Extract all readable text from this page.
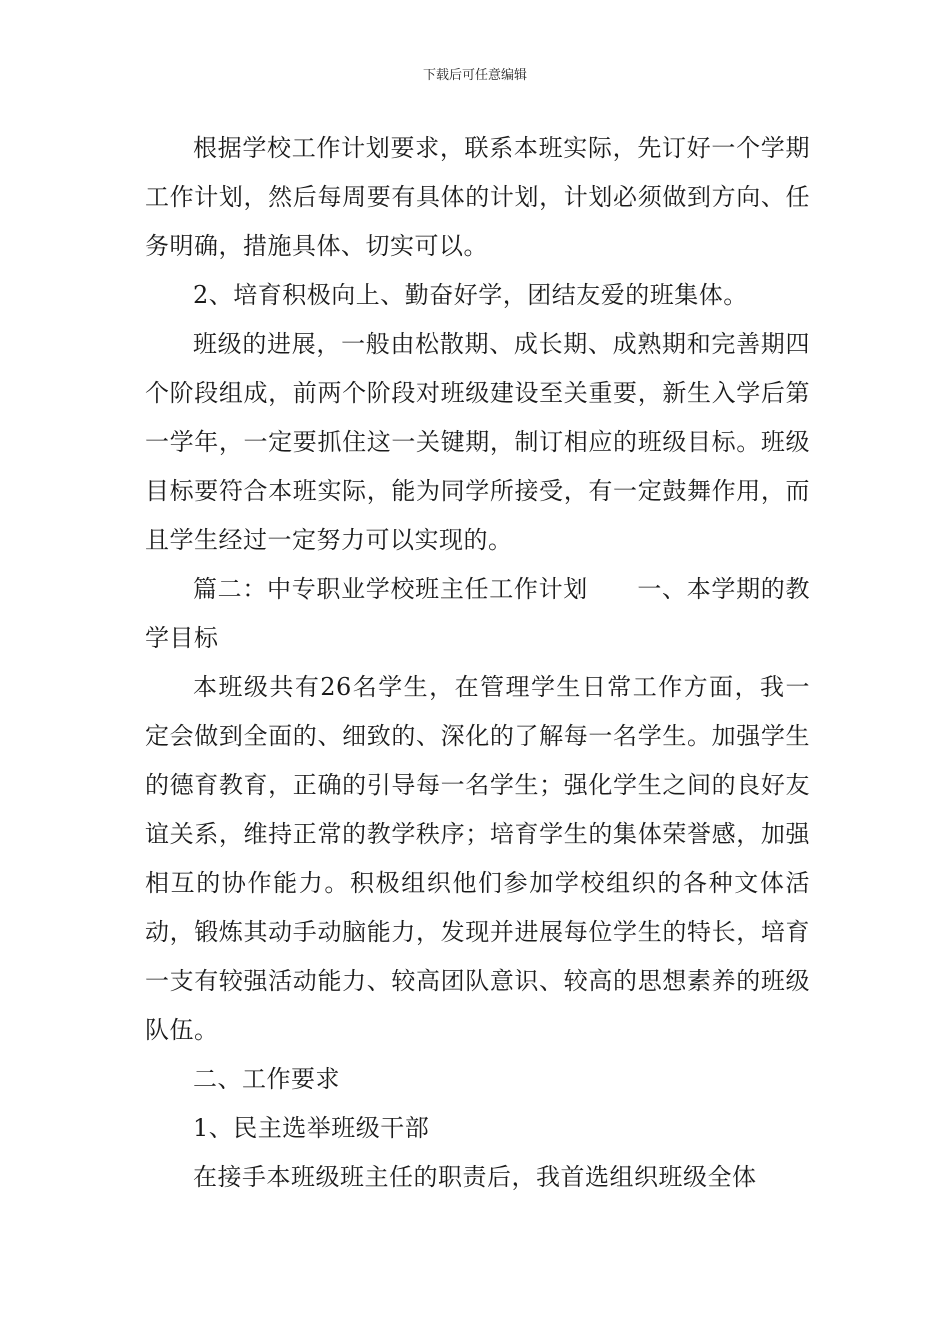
下载后可任意编辑

根据学校工作计划要求，联系本班实际，先订好一个学期工作计划，然后每周要有具体的计划，计划必须做到方向、任务明确，措施具体、切实可以。

2、培育积极向上、勤奋好学，团结友爱的班集体。

班级的进展，一般由松散期、成长期、成熟期和完善期四个阶段组成，前两个阶段对班级建设至关重要，新生入学后第一学年，一定要抓住这一关键期，制订相应的班级目标。班级目标要符合本班实际，能为同学所接受，有一定鼓舞作用，而且学生经过一定努力可以实现的。

篇二：中专职业学校班主任工作计划　　一、本学期的教学目标

本班级共有26名学生，在管理学生日常工作方面，我一定会做到全面的、细致的、深化的了解每一名学生。加强学生的德育教育，正确的引导每一名学生；强化学生之间的良好友谊关系，维持正常的教学秩序；培育学生的集体荣誉感，加强相互的协作能力。积极组织他们参加学校组织的各种文体活动，锻炼其动手动脑能力，发现并进展每位学生的特长，培育一支有较强活动能力、较高团队意识、较高的思想素养的班级队伍。

二、工作要求

1、民主选举班级干部

在接手本班级班主任的职责后，我首选组织班级全体
